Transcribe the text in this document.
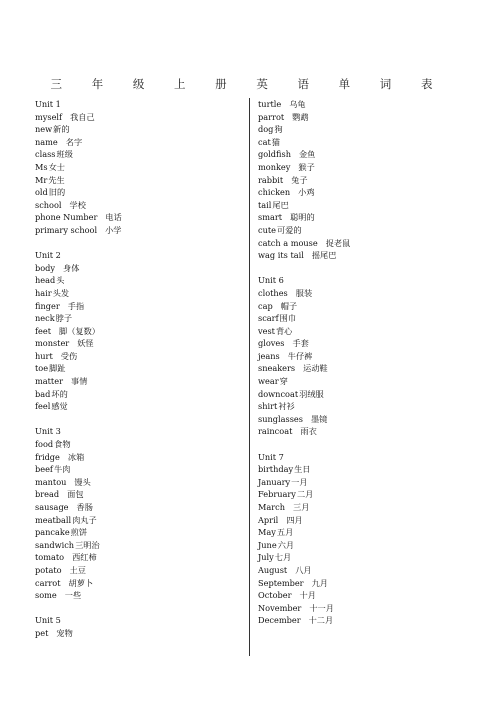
三 年 级 上 册 英 语 单 词 表
Unit 1
myself 我自己
new新的
name 名字
class班级
Ms女士
Mr先生
old旧的
school 学校
phone Number 电话
primary school 小学
Unit 2
body 身体
head头
hair头发
finger 手指
neck脖子
feet 脚（复数）
monster 妖怪
hurt 受伤
toe脚趾
matter 事情
bad坏的
feel感觉
Unit 3
food食物
fridge 冰箱
beef牛肉
mantou 馒头
bread 面包
sausage 香肠
meatball肉丸子
pancake煎饼
sandwich三明治
tomato 西红柿
potato 土豆
carrot 胡萝卜
some 一些
Unit 5
pet 宠物
turtle 乌龟
parrot 鹦鹉
dog狗
cat猫
goldfish 金鱼
monkey 猴子
rabbit 兔子
chicken 小鸡
tail尾巴
smart 聪明的
cute可爱的
catch a mouse 捉老鼠
wag its tail 摇尾巴
Unit 6
clothes 服装
cap 帽子
scarf围巾
vest背心
gloves 手套
jeans 牛仔裤
sneakers 运动鞋
wear穿
downcoat羽绒服
shirt衬衫
sunglasses 墨镜
raincoat 雨衣
Unit 7
birthday生日
January一月
February二月
March 三月
April 四月
May五月
June六月
July七月
August 八月
September 九月
October 十月
November 十一月
December 十二月
